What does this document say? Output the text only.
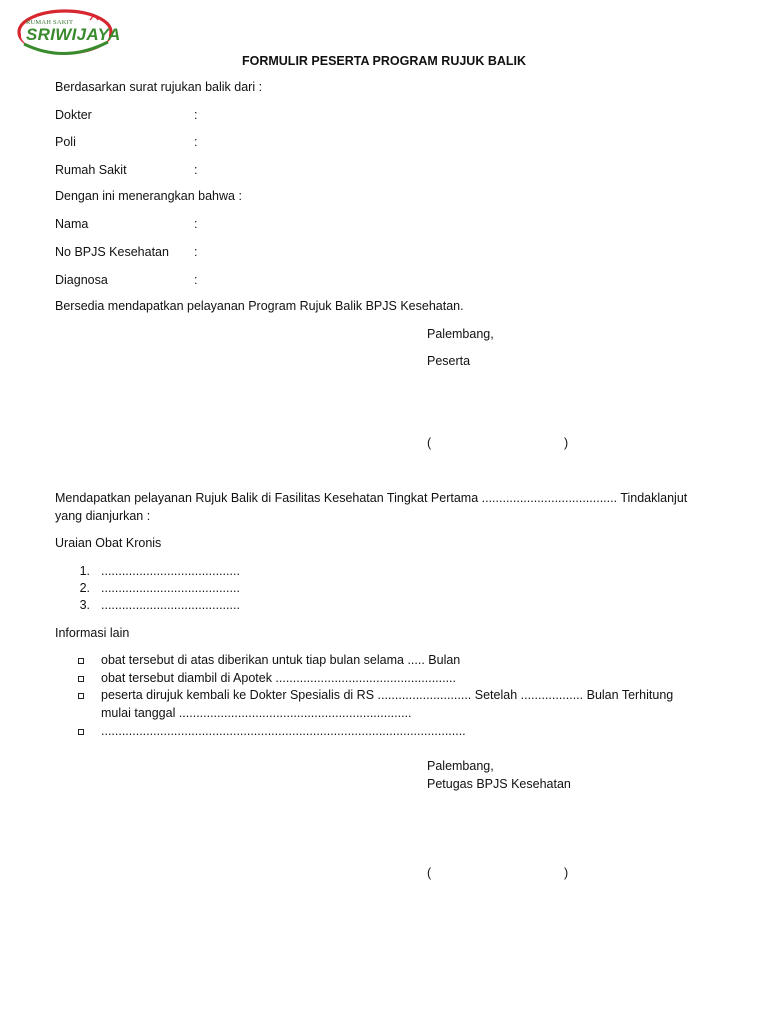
RUMAH SAKIT
SRIWIJAYA
FORMULIR PESERTA PROGRAM RUJUK BALIK
Berdasarkan surat rujukan balik dari :
Dokter	:
Poli	:
Rumah Sakit	:
Dengan ini menerangkan bahwa :
Nama	:
No BPJS Kesehatan :
Diagnosa	:
Bersedia mendapatkan pelayanan Program Rujuk Balik BPJS Kesehatan.
Palembang,
Peserta
(	)
Mendapatkan pelayanan Rujuk Balik di Fasilitas Kesehatan Tingkat Pertama ....................................... Tindaklanjut
yang dianjurkan :
Uraian Obat Kronis
1. ........................................
2. ........................................
3. ........................................
Informasi lain
obat tersebut di atas diberikan untuk tiap bulan selama ..... Bulan
obat tersebut diambil di Apotek ....................................................
peserta dirujuk kembali ke Dokter Spesialis di RS ........................... Setelah .................. Bulan Terhitung
mulai tanggal ...................................................................
.........................................................................................................
Palembang,
Petugas BPJS Kesehatan
(	)
